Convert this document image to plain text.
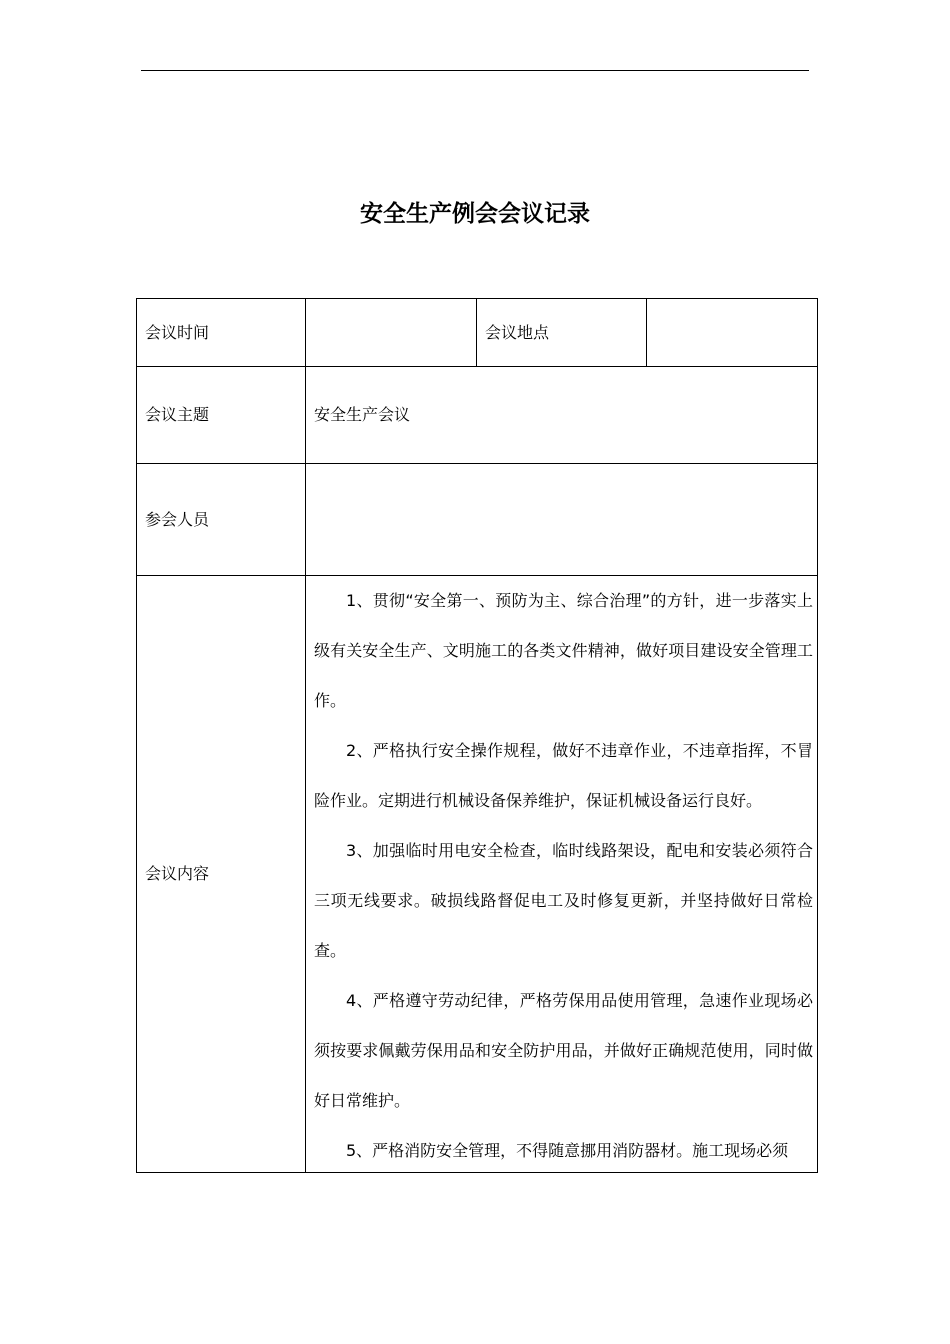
安全生产例会会议记录
会议时间		会议地点	
会议主题	安全生产会议		
参会人员			
会议内容	1、贯彻“安全第一、预防为主、综合治理”的方针，进一步落实上级有关安全生产、文明施工的各类文件精神，做好项目建设安全管理工作。

2、严格执行安全操作规程，做好不违章作业，不违章指挥，不冒险作业。定期进行机械设备保养维护，保证机械设备运行良好。

3、加强临时用电安全检查，临时线路架设，配电和安装必须符合三项无线要求。破损线路督促电工及时修复更新，并坚持做好日常检查。

4、严格遵守劳动纪律，严格劳保用品使用管理，急速作业现场必须按要求佩戴劳保用品和安全防护用品，并做好正确规范使用，同时做好日常维护。

5、严格消防安全管理，不得随意挪用消防器材。施工现场必须		
